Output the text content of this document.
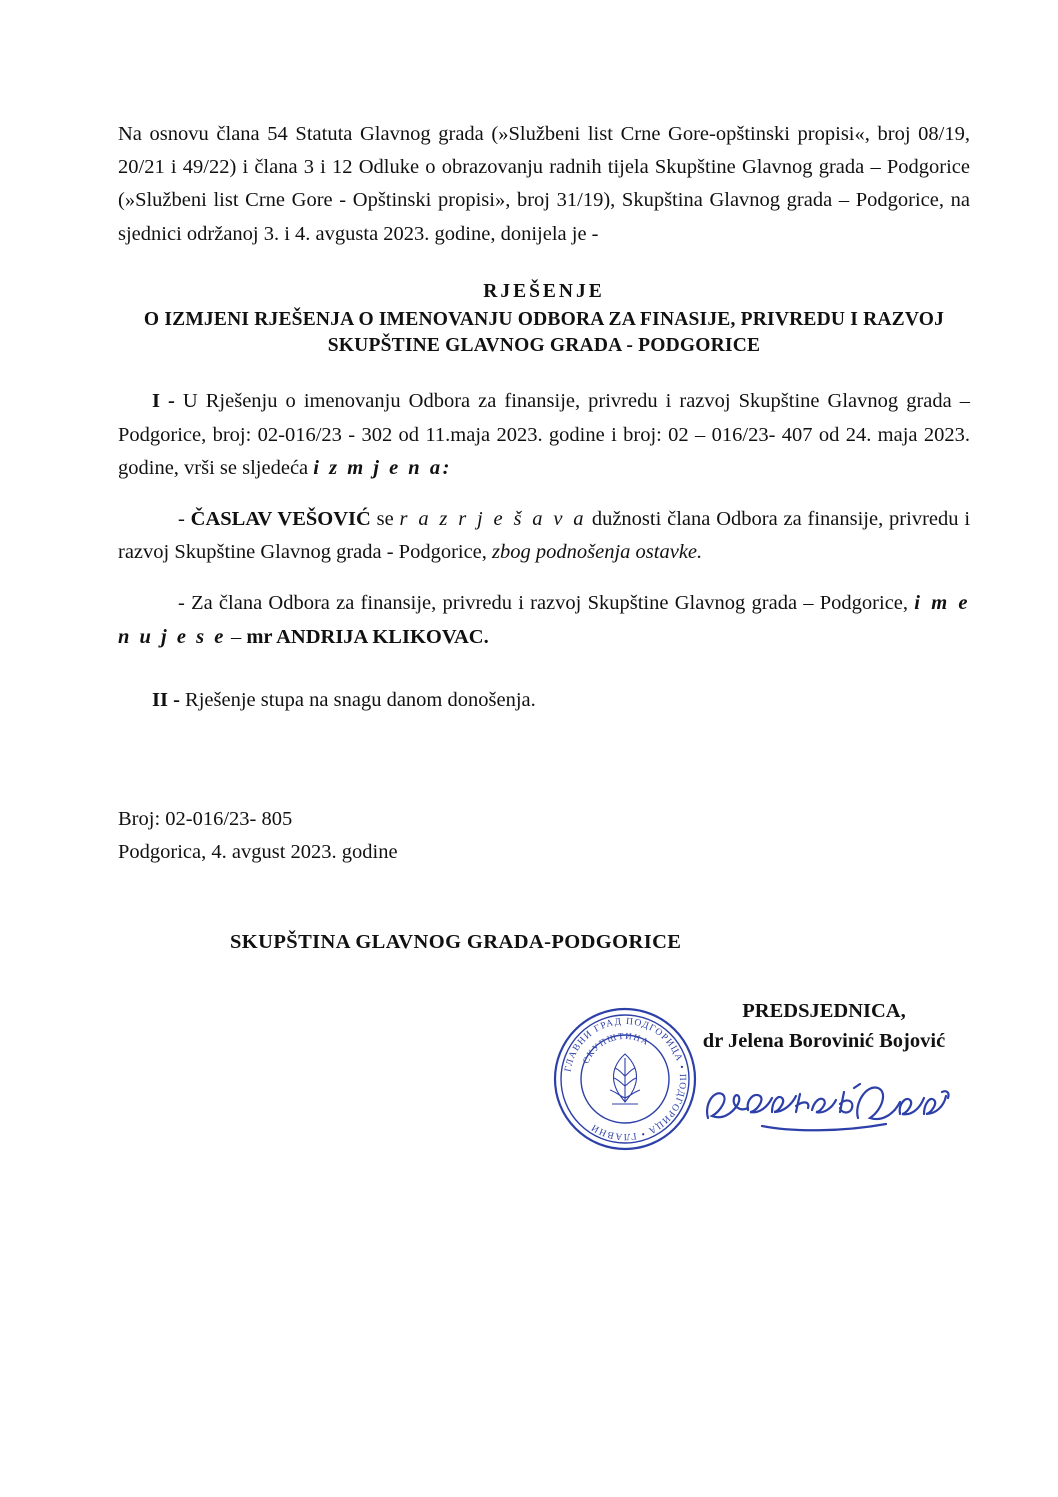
Na osnovu člana 54 Statuta Glavnog grada (»Službeni list Crne Gore-opštinski propisi«, broj 08/19, 20/21 i 49/22) i člana 3 i 12 Odluke o obrazovanju radnih tijela Skupštine Glavnog grada – Podgorice (»Službeni list Crne Gore - Opštinski propisi», broj 31/19), Skupština Glavnog grada – Podgorice, na sjednici održanoj 3. i 4. avgusta 2023. godine, donijela je -

RJEŠENJE
O IZMJENI RJEŠENJA O IMENOVANJU ODBORA ZA FINASIJE, PRIVREDU I RAZVOJ SKUPŠTINE GLAVNOG GRADA - PODGORICE

I - U Rješenju o imenovanju Odbora za finansije, privredu i razvoj Skupštine Glavnog grada – Podgorice, broj: 02-016/23 - 302 od 11.maja 2023. godine i broj: 02 – 016/23- 407 od 24. maja 2023. godine, vrši se sljedeća i z m j e n a:

- ČASLAV VEŠOVIĆ se r a z r j e š a v a dužnosti člana Odbora za finansije, privredu i razvoj Skupštine Glavnog grada - Podgorice, zbog podnošenja ostavke.

- Za člana Odbora za finansije, privredu i razvoj Skupštine Glavnog grada – Podgorice, i m e n u j e s e – mr ANDRIJA KLIKOVAC.

II - Rješenje stupa na snagu danom donošenja.

Broj: 02-016/23- 805

Podgorica, 4. avgust 2023. godine

SKUPŠTINA GLAVNOG GRADA-PODGORICE
ГЛАВНИ ГРАД ПОДГОРИЦА • ПОДГОРИЦА • ГЛАВНИ
СКУПШТИНА
PREDSJEDNICA,
dr Jelena Borovinić Bojović
